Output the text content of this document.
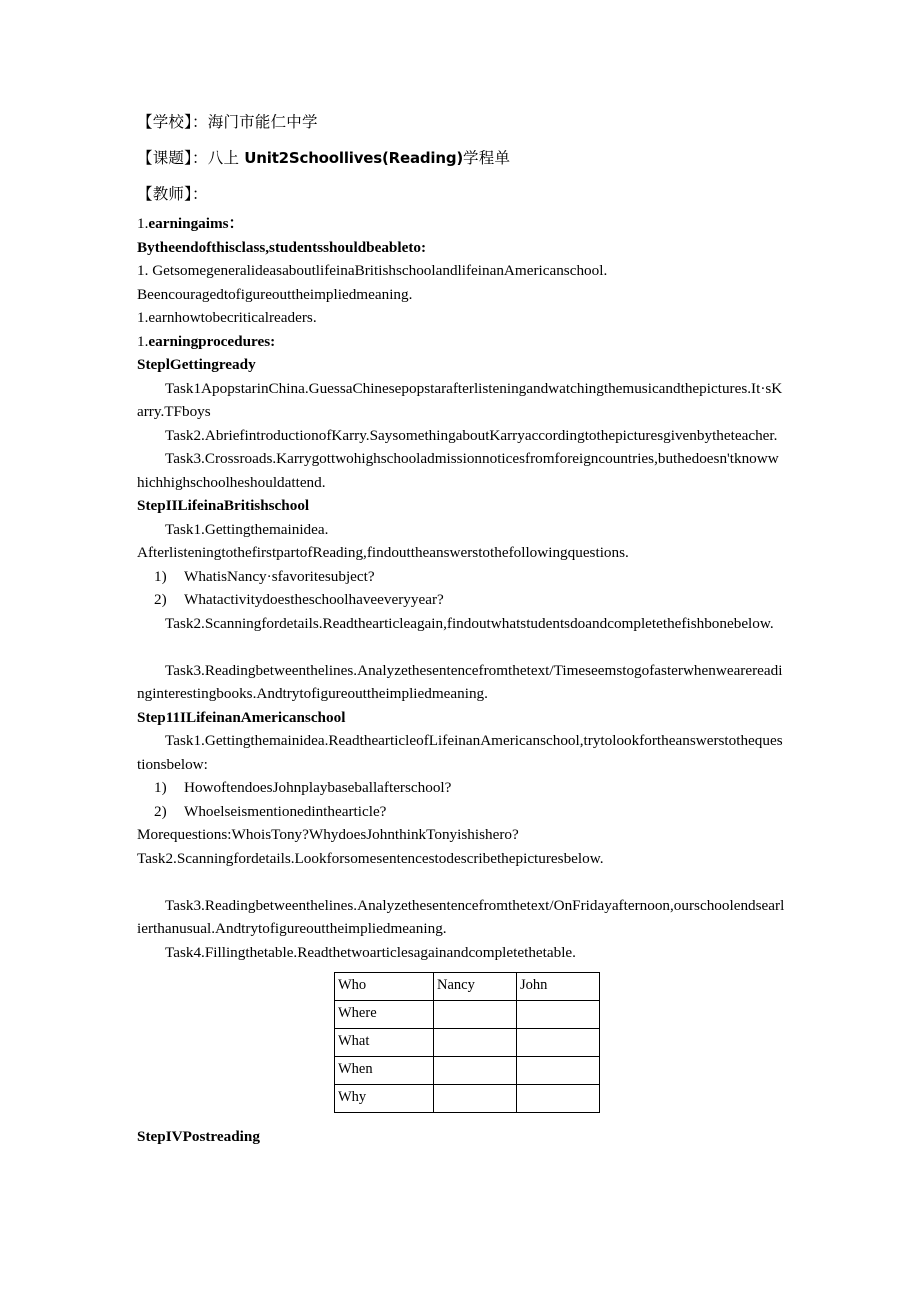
【学校】：海门市能仁中学
【课题】：八上 Unit2Schoollives(Reading)学程单
【教师】：

1.earningaims：

Bytheendofthisclass,studentsshouldbeableto:

1. GetsomegeneralideasaboutlifeinaBritishschoolandlifeinanAmericanschool.

Beencouragedtofigureouttheimpliedmeaning.

1.earnhowtobecriticalreaders.

1.earningprocedures:

SteplGettingready

Task1ApopstarinChina.GuessaChinesepopstarafterlisteningandwatchingthemusicandthepictures.It·sKarry.TFboys

Task2.AbriefintroductionofKarry.SaysomethingaboutKarryaccordingtothepicturesgivenbytheteacher.

Task3.Crossroads.Karrygottwohighschooladmissionnoticesfromforeigncountries,buthedoesn'tknowwhichhighschoolheshouldattend.

StepIILifeinaBritishschool

Task1.Gettingthemainidea.

AfterlisteningtothefirstpartofReading,findouttheanswerstothefollowingquestions.

1) WhatisNancy·sfavoritesubject?

2) Whatactivitydoestheschoolhaveeveryyear?

Task2.Scanningfordetails.Readthearticleagain,findoutwhatstudentsdoandcompletethefishbonebelow.

Task3.Readingbetweenthelines.Analyzethesentencefromthetext/Timeseemstogofasterwhenwearereadinginterestingbooks.Andtrytofigureouttheimpliedmeaning.

Step11ILifeinanAmericanschool

Task1.Gettingthemainidea.ReadthearticleofLifeinanAmericanschool,trytolookfortheanswerstothequestionsbelow:

1) HowoftendoesJohnplaybaseballafterschool?

2) Whoelseismentionedinthearticle?

Morequestions:WhoisTony?WhydoesJohnthinkTonyishishero?

Task2.Scanningfordetails.Lookforsomesentencestodescribethepicturesbelow.

Task3.Readingbetweenthelines.Analyzethesentencefromthetext/OnFridayafternoon,ourschoolendsearlierthanusual.Andtrytofigureouttheimpliedmeaning.

Task4.Fillingthetable.Readthetwoarticlesagainandcompletethetable.

Who	Nancy	John
Where		
What		
When		
Why		

StepIVPostreading
